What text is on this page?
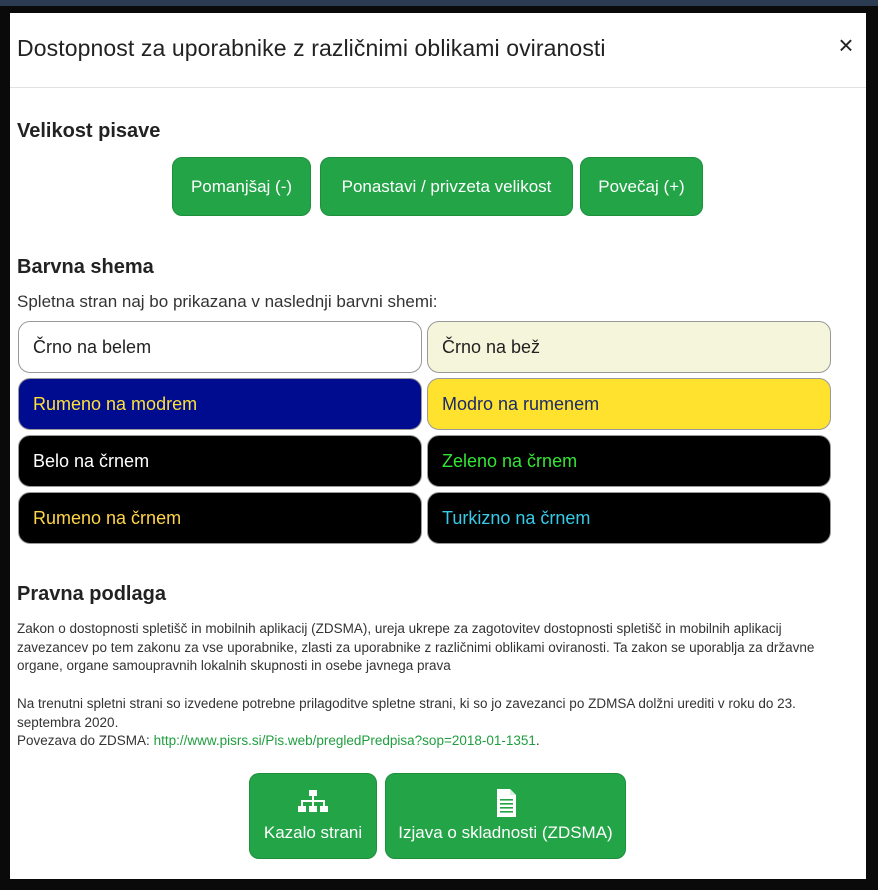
Dostopnost za uporabnike z različnimi oblikami oviranosti	×
Velikost pisave
Pomanjšaj (-)	Ponastavi / privzeta velikost	Povečaj (+)
Barvna shema

Spletna stran naj bo prikazana v naslednji barvni shemi:

Črno na belem	Črno na bež
Rumeno na modrem	Modro na rumenem
Belo na črnem	Zeleno na črnem
Rumeno na črnem	Turkizno na črnem
Pravna podlaga

Zakon o dostopnosti spletišč in mobilnih aplikacij (ZDSMA), ureja ukrepe za zagotovitev dostopnosti spletišč in mobilnih aplikacij zavezancev po tem zakonu za vse uporabnike, zlasti za uporabnike z različnimi oblikami oviranosti. Ta zakon se uporablja za državne organe, organe samoupravnih lokalnih skupnosti in osebe javnega prava

Na trenutni spletni strani so izvedene potrebne prilagoditve spletne strani, ki so jo zavezanci po ZDMSA dolžni urediti v roku do 23. septembra 2020.
Povezava do ZDSMA: http://www.pisrs.si/Pis.web/pregledPredpisa?sop=2018-01-1351.

Kazalo strani Izjava o skladnosti (ZDSMA)
